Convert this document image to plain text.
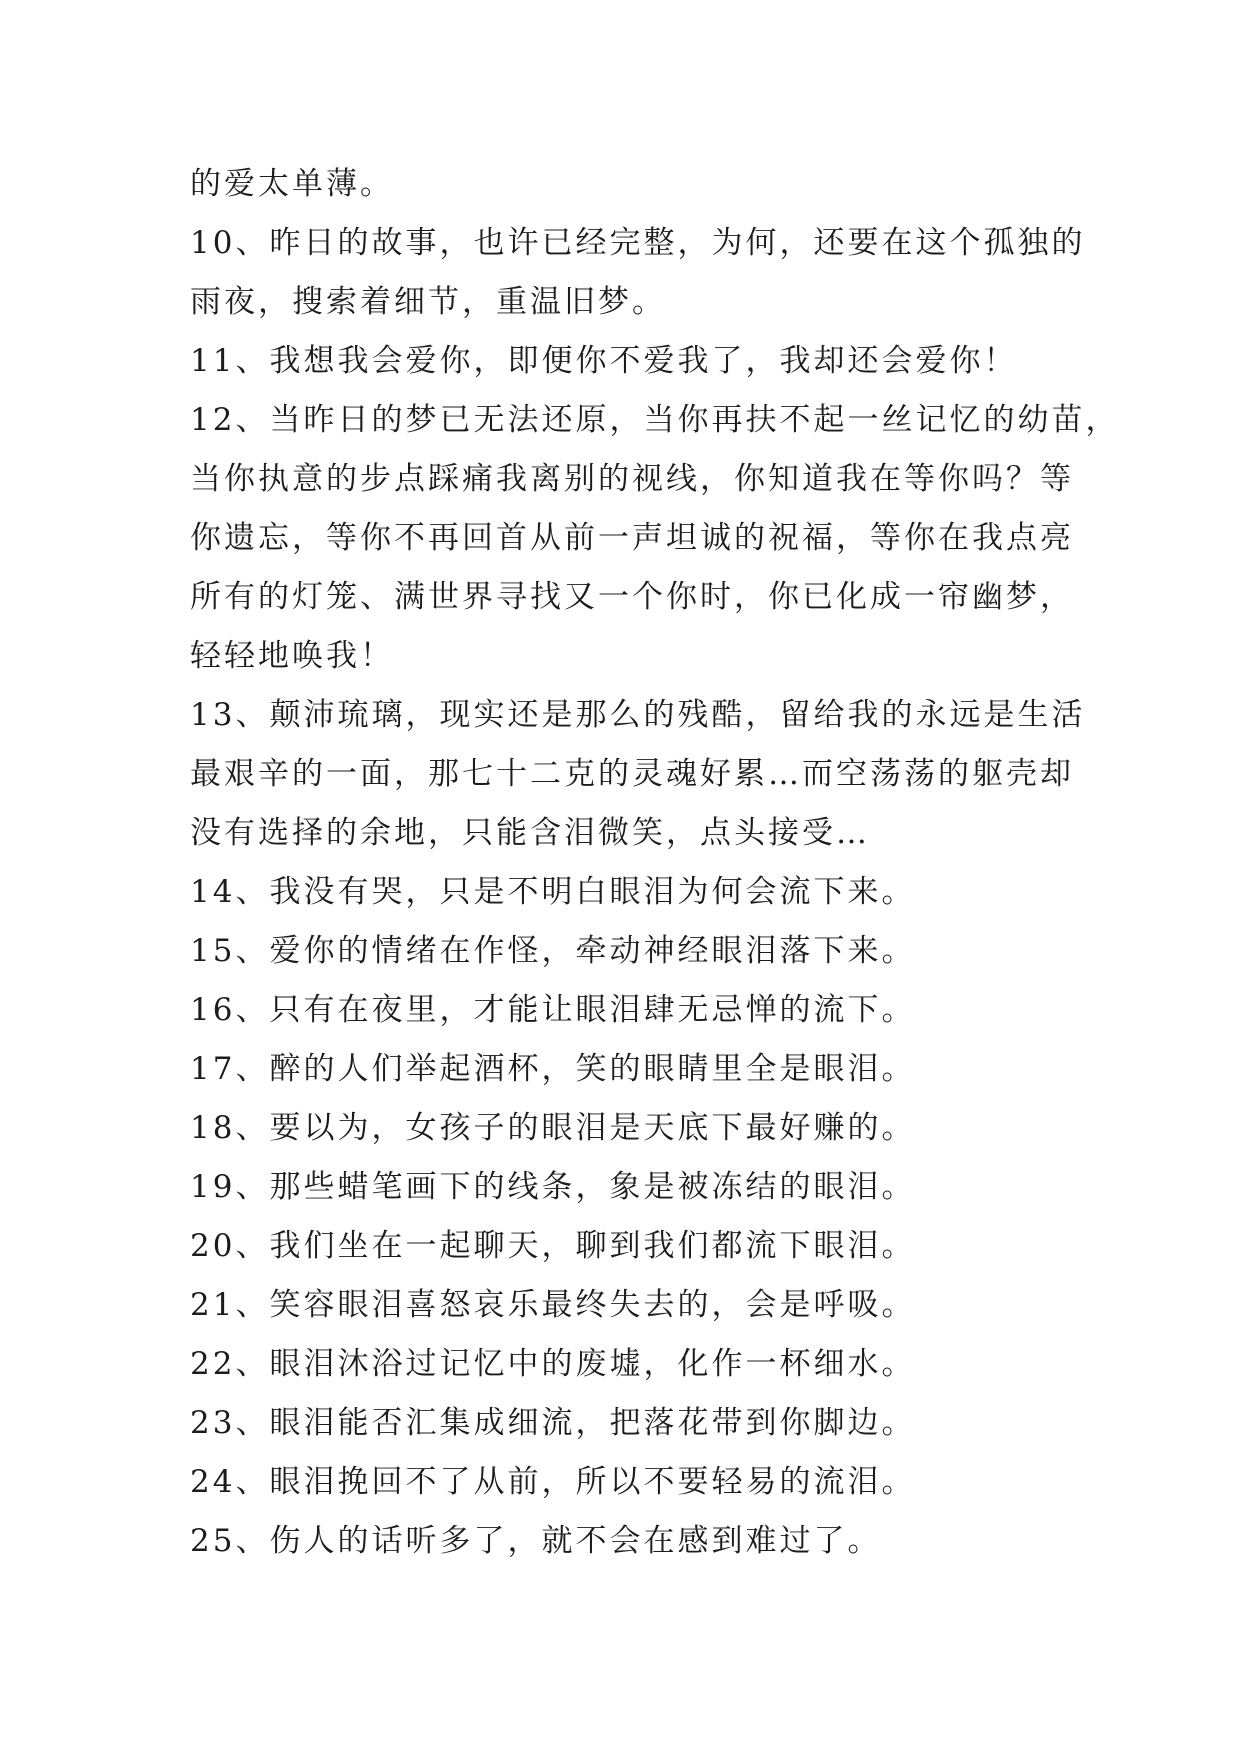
的爱太单薄。
10、昨日的故事，也许已经完整，为何，还要在这个孤独的
雨夜，搜索着细节，重温旧梦。
11、我想我会爱你，即便你不爱我了，我却还会爱你！
12、当昨日的梦已无法还原，当你再扶不起一丝记忆的幼苗，
当你执意的步点踩痛我离别的视线，你知道我在等你吗？等
你遗忘，等你不再回首从前一声坦诚的祝福，等你在我点亮
所有的灯笼、满世界寻找又一个你时，你已化成一帘幽梦，
轻轻地唤我！
13、颠沛琉璃，现实还是那么的残酷，留给我的永远是生活
最艰辛的一面，那七十二克的灵魂好累…而空荡荡的躯壳却
没有选择的余地，只能含泪微笑，点头接受…
14、我没有哭，只是不明白眼泪为何会流下来。
15、爱你的情绪在作怪，牵动神经眼泪落下来。
16、只有在夜里，才能让眼泪肆无忌惮的流下。
17、醉的人们举起酒杯，笑的眼睛里全是眼泪。
18、要以为，女孩子的眼泪是天底下最好赚的。
19、那些蜡笔画下的线条，象是被冻结的眼泪。
20、我们坐在一起聊天，聊到我们都流下眼泪。
21、笑容眼泪喜怒哀乐最终失去的，会是呼吸。
22、眼泪沐浴过记忆中的废墟，化作一杯细水。
23、眼泪能否汇集成细流，把落花带到你脚边。
24、眼泪挽回不了从前，所以不要轻易的流泪。
25、伤人的话听多了，就不会在感到难过了。
